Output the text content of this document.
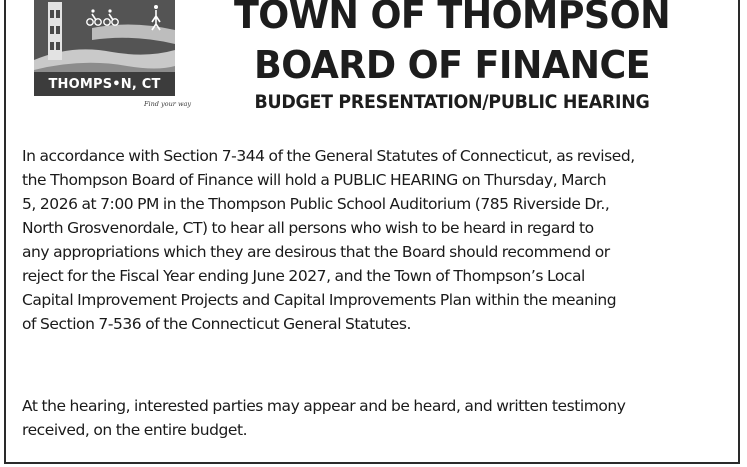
THOMPS•N, CT
Find your way
TOWN OF THOMPSON
BOARD OF FINANCE
BUDGET PRESENTATION/PUBLIC HEARING
In accordance with Section 7-344 of the General Statutes of Connecticut, as revised,
the Thompson Board of Finance will hold a PUBLIC HEARING on Thursday, March
5, 2026 at 7:00 PM in the Thompson Public School Auditorium (785 Riverside Dr.,
North Grosvenordale, CT) to hear all persons who wish to be heard in regard to
any appropriations which they are desirous that the Board should recommend or
reject for the Fiscal Year ending June 2027, and the Town of Thompson’s Local
Capital Improvement Projects and Capital Improvements Plan within the meaning
of Section 7-536 of the Connecticut General Statutes.
At the hearing, interested parties may appear and be heard, and written testimony
received, on the entire budget.
